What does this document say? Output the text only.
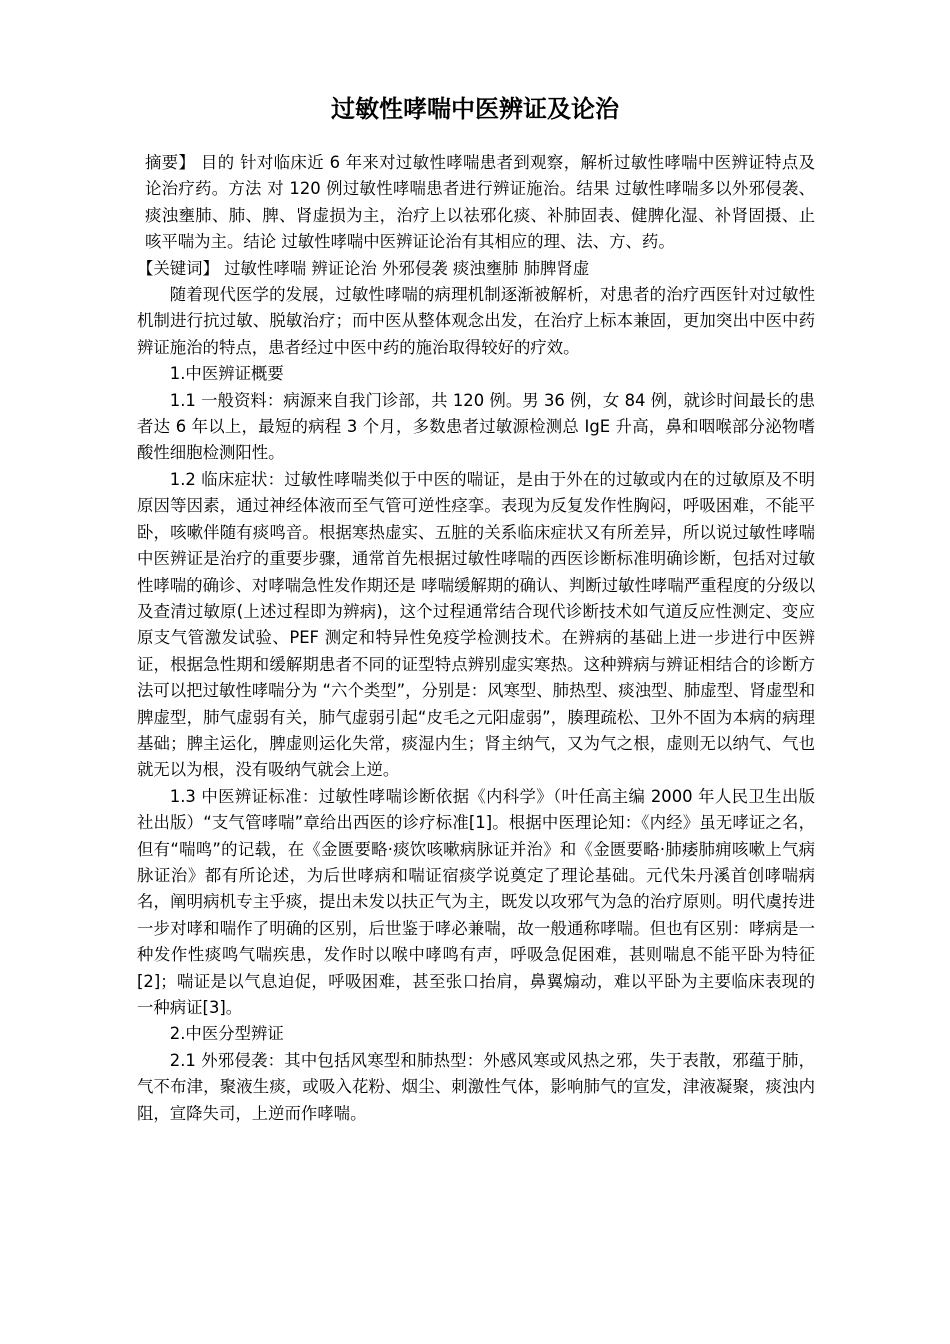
过敏性哮喘中医辨证及论治

摘要】 目的 针对临床近 6 年来对过敏性哮喘患者到观察，解析过敏性哮喘中医辨证特点及论治疗药。方法 对 120 例过敏性哮喘患者进行辨证施治。结果 过敏性哮喘多以外邪侵袭、痰浊壅肺、肺、脾、肾虚损为主，治疗上以祛邪化痰、补肺固表、健脾化湿、补肾固摄、止咳平喘为主。结论 过敏性哮喘中医辨证论治有其相应的理、法、方、药。

【关键词】 过敏性哮喘 辨证论治 外邪侵袭 痰浊壅肺 肺脾肾虚

随着现代医学的发展，过敏性哮喘的病理机制逐渐被解析，对患者的治疗西医针对过敏性机制进行抗过敏、脱敏治疗；而中医从整体观念出发，在治疗上标本兼固，更加突出中医中药辨证施治的特点，患者经过中医中药的施治取得较好的疗效。

1.中医辨证概要

1.1 一般资料：病源来自我门诊部，共 120 例。男 36 例，女 84 例，就诊时间最长的患者达 6 年以上，最短的病程 3 个月，多数患者过敏源检测总 IgE 升高，鼻和咽喉部分泌物嗜酸性细胞检测阳性。

1.2 临床症状：过敏性哮喘类似于中医的喘证，是由于外在的过敏或内在的过敏原及不明原因等因素，通过神经体液而至气管可逆性痉挛。表现为反复发作性胸闷，呼吸困难，不能平卧，咳嗽伴随有痰鸣音。根据寒热虚实、五脏的关系临床症状又有所差异，所以说过敏性哮喘中医辨证是治疗的重要步骤，通常首先根据过敏性哮喘的西医诊断标准明确诊断，包括对过敏性哮喘的确诊、对哮喘急性发作期还是 哮喘缓解期的确认、判断过敏性哮喘严重程度的分级以及查清过敏原(上述过程即为辨病)，这个过程通常结合现代诊断技术如气道反应性测定、变应原支气管激发试验、PEF 测定和特异性免疫学检测技术。在辨病的基础上进一步进行中医辨证，根据急性期和缓解期患者不同的证型特点辨别虚实寒热。这种辨病与辨证相结合的诊断方法可以把过敏性哮喘分为 “六个类型”，分别是：风寒型、肺热型、痰浊型、肺虚型、肾虚型和脾虚型，肺气虚弱有关，肺气虚弱引起“皮毛之元阳虚弱”，腠理疏松、卫外不固为本病的病理基础；脾主运化，脾虚则运化失常，痰湿内生；肾主纳气，又为气之根，虚则无以纳气、气也就无以为根，没有吸纳气就会上逆。

1.3 中医辨证标准：过敏性哮喘诊断依据《内科学》（叶任高主编 2000 年人民卫生出版社出版）“支气管哮喘”章给出西医的诊疗标准[1]。根据中医理论知：《内经》虽无哮证之名，但有“喘鸣”的记载，在《金匮要略·痰饮咳嗽病脉证并治》和《金匮要略·肺痿肺痈咳嗽上气病脉证治》都有所论述，为后世哮病和喘证宿痰学说奠定了理论基础。元代朱丹溪首创哮喘病名，阐明病机专主乎痰，提出未发以扶正气为主，既发以攻邪气为急的治疗原则。明代虞抟进一步对哮和喘作了明确的区别，后世鉴于哮必兼喘，故一般通称哮喘。但也有区别：哮病是一种发作性痰鸣气喘疾患，发作时以喉中哮鸣有声，呼吸急促困难，甚则喘息不能平卧为特征[2]；喘证是以气息迫促，呼吸困难，甚至张口抬肩，鼻翼煽动，难以平卧为主要临床表现的一种病证[3]。

2.中医分型辨证

2.1 外邪侵袭：其中包括风寒型和肺热型：外感风寒或风热之邪，失于表散，邪蕴于肺，气不布津，聚液生痰，或吸入花粉、烟尘、刺激性气体，影响肺气的宣发，津液凝聚，痰浊内阻，宣降失司，上逆而作哮喘。
